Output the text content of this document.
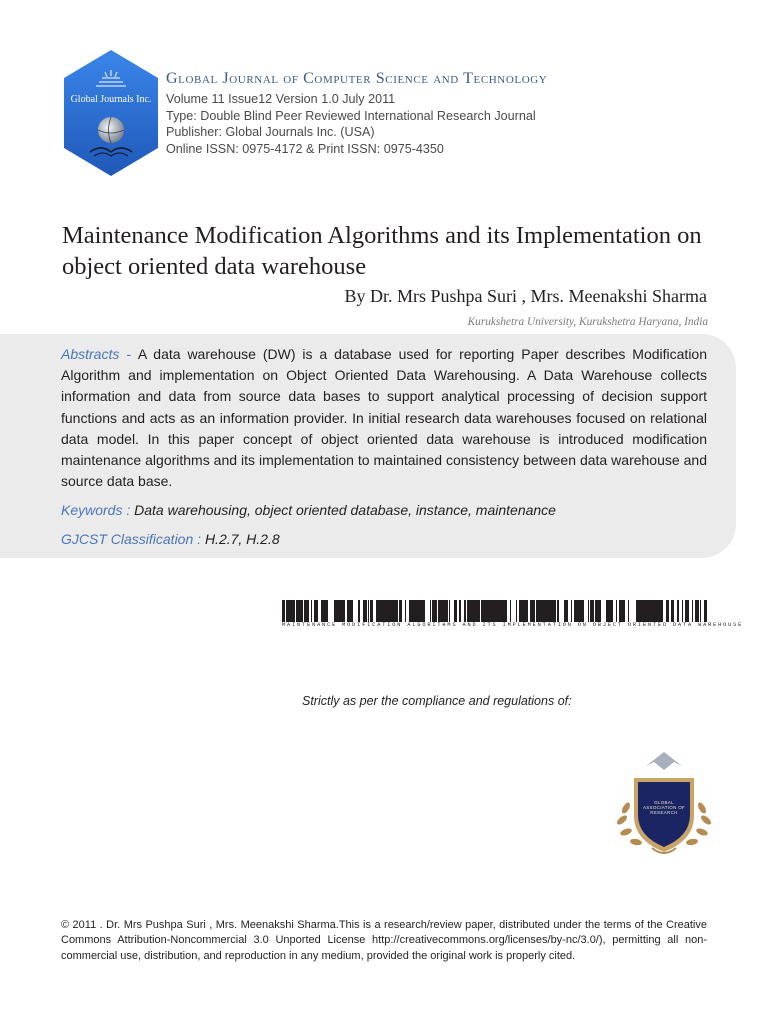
Global Journals Inc.

Global Journal of Computer Science and Technology

Volume 11 Issue12 Version 1.0 July 2011

Type: Double Blind Peer Reviewed International Research Journal

Publisher: Global Journals Inc. (USA)

Online ISSN: 0975-4172 & Print ISSN: 0975-4350

Maintenance Modification Algorithms and its Implementation on object oriented data warehouse

By Dr. Mrs Pushpa Suri , Mrs. Meenakshi Sharma

Kurukshetra University, Kurukshetra Haryana, India

Abstracts - A data warehouse (DW) is a database used for reporting Paper describes Modification Algorithm and implementation on Object Oriented Data Warehousing. A Data Warehouse collects information and data from source data bases to support analytical processing of decision support functions and acts as an information provider. In initial research data warehouses focused on relational data model. In this paper concept of object oriented data warehouse is introduced modification maintenance algorithms and its implementation to maintained consistency between data warehouse and source data base.

Keywords : Data warehousing, object oriented database, instance, maintenance

GJCST Classification : H.2.7, H.2.8

MAINTENANCE MODIFICATION ALGORITHMS AND ITS IMPLEMENTATION ON OBJECT ORIENTED DATA WAREHOUSE

Strictly as per the compliance and regulations of:

GLOBAL ASSOCIATION OF RESEARCH

© 2011 . Dr. Mrs Pushpa Suri , Mrs. Meenakshi Sharma.This is a research/review paper, distributed under the terms of the Creative Commons Attribution-Noncommercial 3.0 Unported License http://creativecommons.org/licenses/by-nc/3.0/), permitting all non-commercial use, distribution, and reproduction in any medium, provided the original work is properly cited.
